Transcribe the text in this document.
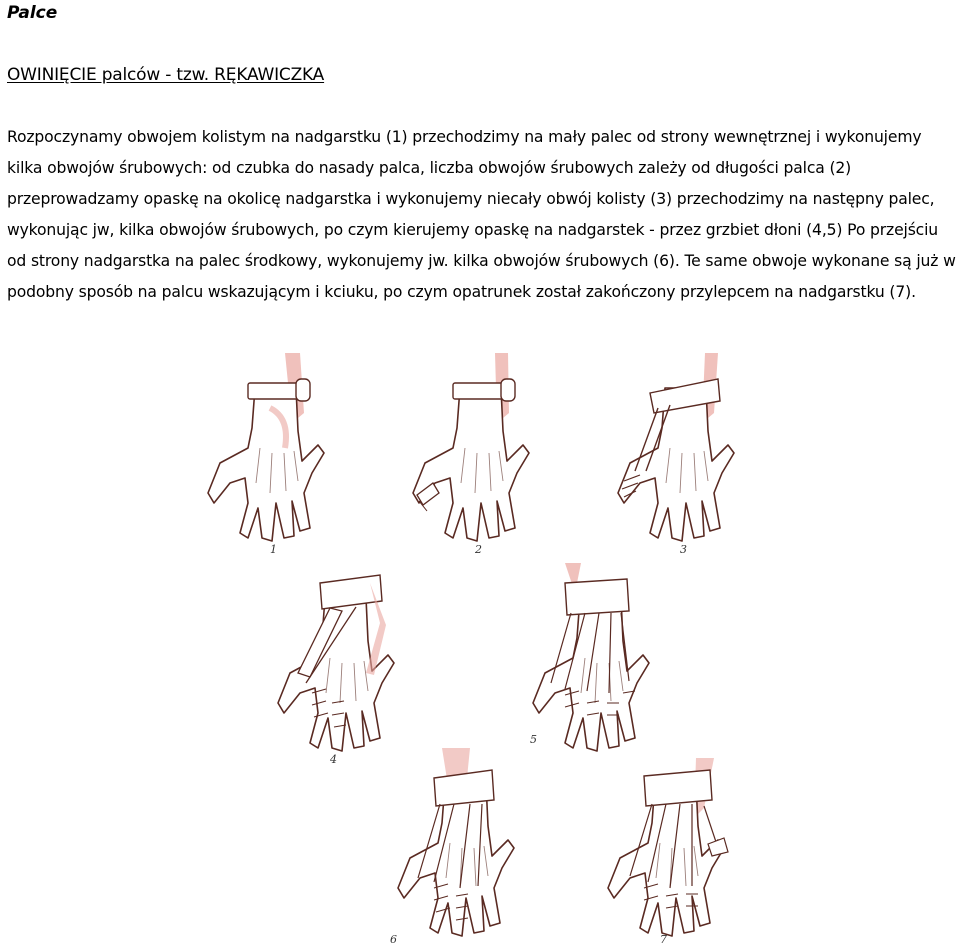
Palce

OWINIĘCIE palców - tzw. RĘKAWICZKA

Rozpoczynamy obwojem kolistym na nadgarstku (1) przechodzimy na mały palec od strony wewnętrznej i wykonujemy kilka obwojów śrubowych: od czubka do nasady palca, liczba obwojów śrubowych zależy od długości palca (2) przeprowadzamy opaskę na okolicę nadgarstka i wykonujemy niecały obwój kolisty (3) przechodzimy na następny palec, wykonując jw, kilka obwojów śrubowych, po czym kierujemy opaskę na nadgarstek - przez grzbiet dłoni (4,5) Po przejściu od strony nadgarstka na palec środkowy, wykonujemy jw. kilka obwojów śrubowych (6). Te same obwoje wykonane są już w podobny sposób na palcu wskazującym i kciuku, po czym opatrunek został zakończony przylepcem na nadgarstku (7).

1	2	3
4
5
6	7
